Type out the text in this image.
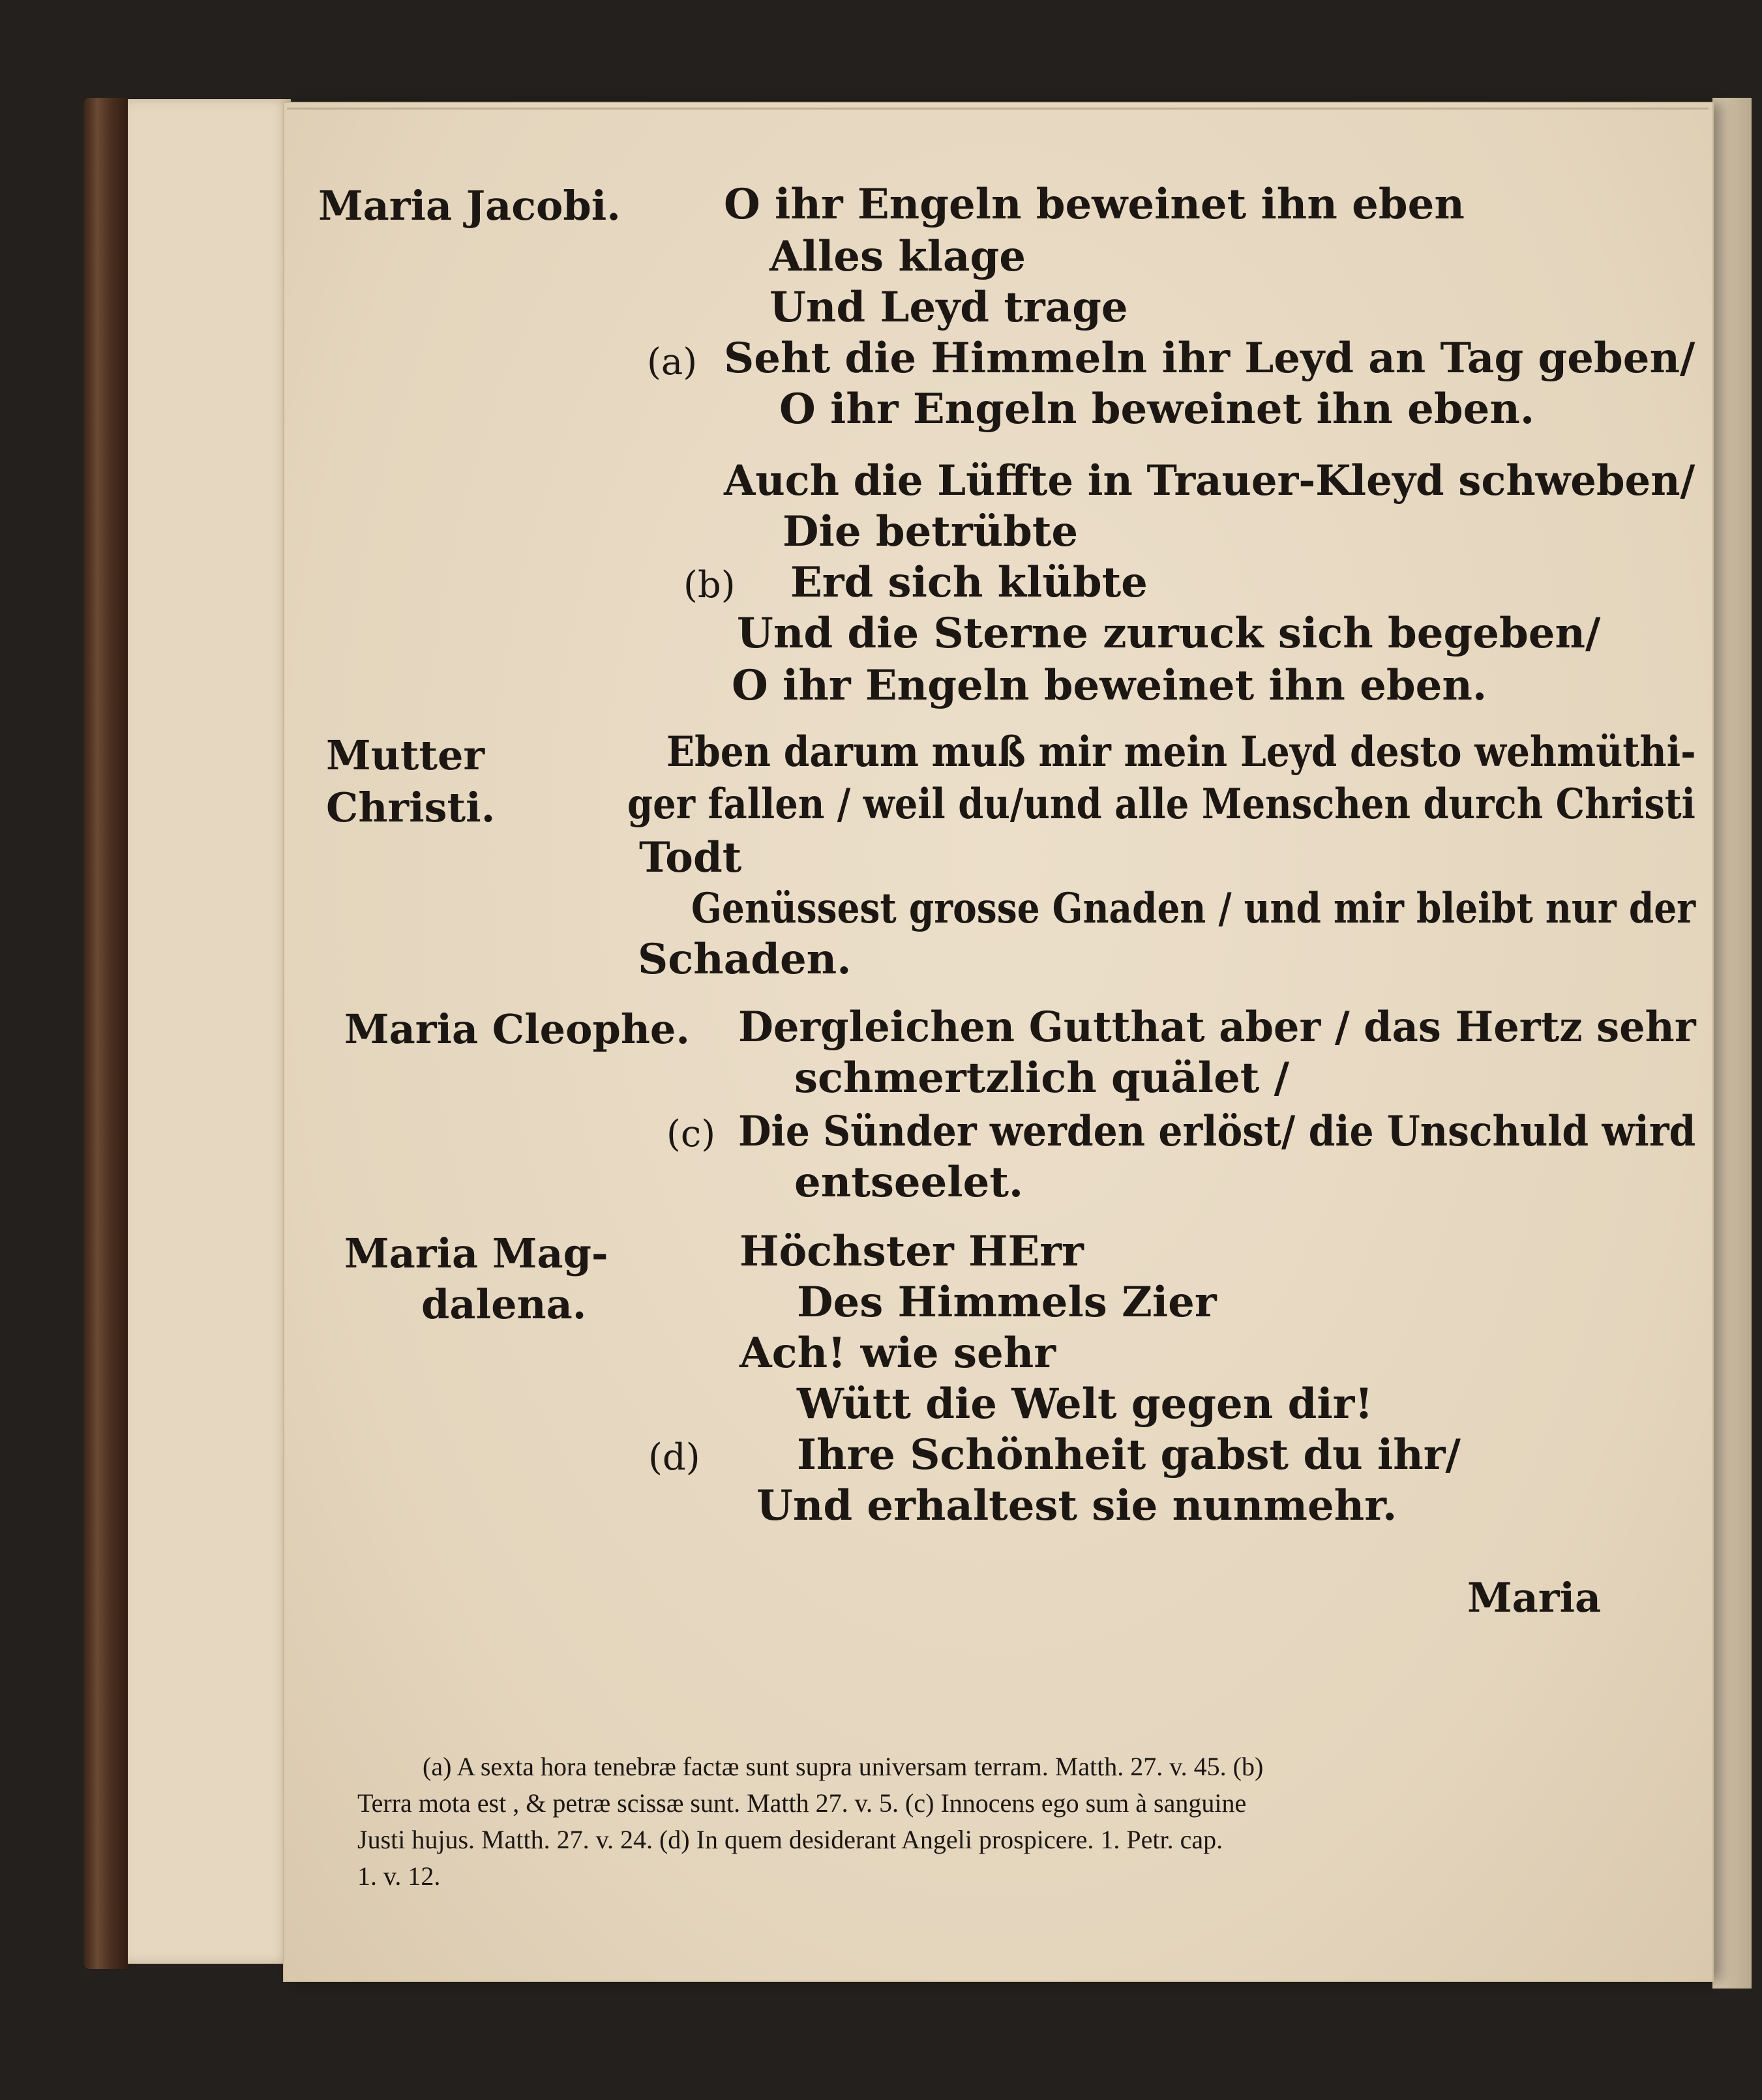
Maria Jacobi. O ihr Engeln beweinet ihn eben
Alles klage
Und Leyd trage
(a) Seht die Himmeln ihr Leyd an Tag geben/
O ihr Engeln beweinet ihn eben.
Auch die Lüffte in Trauer-Kleyd schweben/
Die betrübte
(b) Erd sich klübte
Und die Sterne zuruck sich begeben/
O ihr Engeln beweinet ihn eben.
Mutter
Christi.
Eben darum muß mir mein Leyd desto wehmüthi-
ger fallen / weil du/und alle Menschen durch Christi
Todt
Genüssest grosse Gnaden / und mir bleibt nur der
Schaden.
Maria Cleophe. Dergleichen Gutthat aber / das Hertz sehr
schmertzlich quälet /
(c) Die Sünder werden erlöst/ die Unschuld wird
entseelet.
Maria Mag-
dalena.
Höchster HErr
Des Himmels Zier
Ach! wie sehr
Wütt die Welt gegen dir!
(d) Ihre Schönheit gabst du ihr/
Und erhaltest sie nunmehr.
Maria
(a) A sexta hora tenebræ factæ sunt supra universam terram. Matth. 27. v. 45. (b)
Terra mota est , & petræ scissæ sunt. Matth 27. v. 5. (c) Innocens ego sum à sanguine
Justi hujus. Matth. 27. v. 24. (d) In quem desiderant Angeli prospicere. 1. Petr. cap.
1. v. 12.
